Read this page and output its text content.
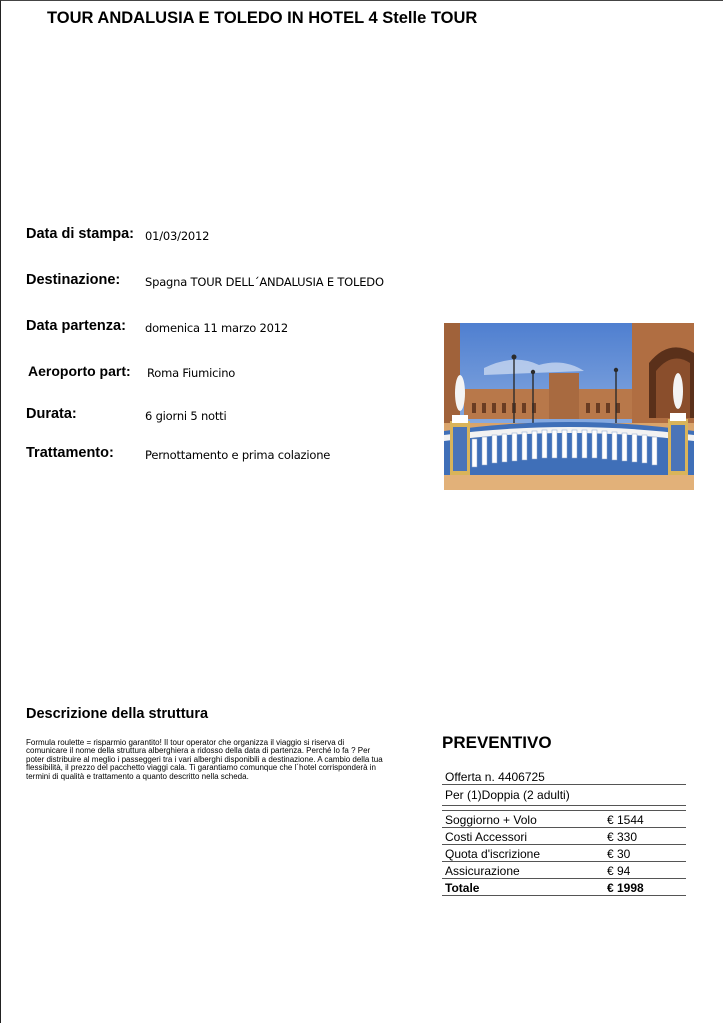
TOUR ANDALUSIA E TOLEDO IN HOTEL 4 Stelle TOUR
Data di stampa: 01/03/2012
Destinazione: Spagna TOUR DELL´ANDALUSIA E TOLEDO
Data partenza: domenica 11 marzo 2012
Aeroporto part: Roma Fiumicino
Durata:	6 giorni 5 notti
Trattamento:	Pernottamento e prima colazione
Descrizione della struttura
Formula roulette = risparmio garantito! Il tour operator che organizza il viaggio si riserva di comunicare il nome della struttura alberghiera a ridosso della data di partenza. Perché lo fa ? Per poter distribuire al meglio i passeggeri tra i vari alberghi disponibili a destinazione. A cambio della tua flessibilità, il prezzo del pacchetto viaggi cala. Ti garantiamo comunque che l´hotel corrisponderà in termini di qualità e trattamento a quanto descritto nella scheda.
PREVENTIVO
Offerta n. 4406725
Per (1)Doppia (2 adulti)
Soggiorno + Volo	€ 1544
Costi Accessori	€ 330
Quota d'iscrizione	€ 30
Assicurazione	€ 94
Totale	€ 1998
